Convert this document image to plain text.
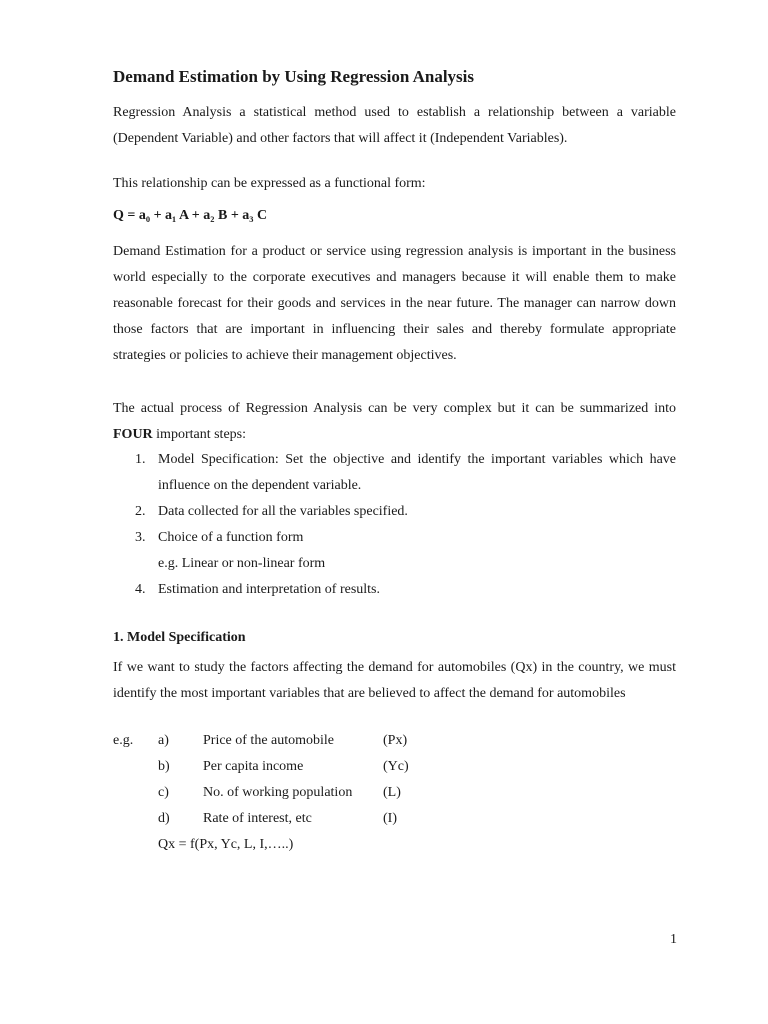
Demand Estimation by Using Regression Analysis

Regression Analysis a statistical method used to establish a relationship between a variable (Dependent Variable) and other factors that will affect it (Independent Variables).

This relationship can be expressed as a functional form:
Q = a₀ + a₁ A + a₂ B + a₃ C

Demand Estimation for a product or service using regression analysis is important in the business world especially to the corporate executives and managers because it will enable them to make reasonable forecast for their goods and services in the near future. The manager can narrow down those factors that are important in influencing their sales and thereby formulate appropriate strategies or policies to achieve their management objectives.

The actual process of Regression Analysis can be very complex but it can be summarized into FOUR important steps:

1. Model Specification: Set the objective and identify the important variables which have influence on the dependent variable.
2. Data collected for all the variables specified.
3. Choice of a function form
e.g. Linear or non-linear form
4. Estimation and interpretation of results.
1. Model Specification

If we want to study the factors affecting the demand for automobiles (Qx) in the country, we must identify the most important variables that are believed to affect the demand for automobiles

e.g. a) Price of the automobile	(Px)
b) Per capita income	(Yc)
c) No. of working population (L)
d) Rate of interest, etc	(I)
Qx = f(Px, Yc, L, I,…..)
1
